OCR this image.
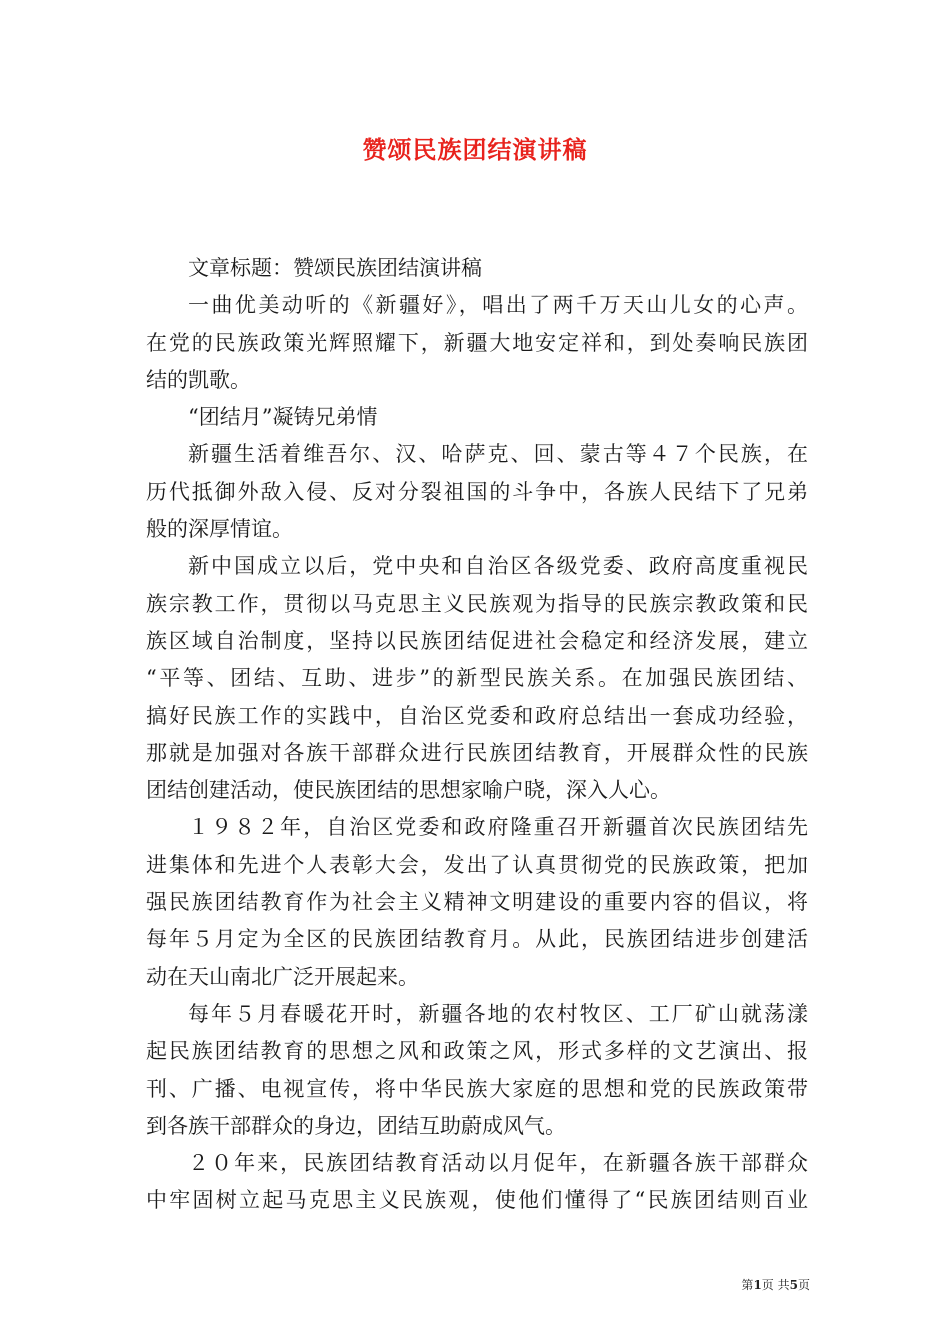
赞颂民族团结演讲稿
文章标题：赞颂民族团结演讲稿
一曲优美动听的《新疆好》，唱出了两千万天山儿女的心声。
在党的民族政策光辉照耀下，新疆大地安定祥和，到处奏响民族团
结的凯歌。
“团结月”凝铸兄弟情
新疆生活着维吾尔、汉、哈萨克、回、蒙古等４７个民族，在
历代抵御外敌入侵、反对分裂祖国的斗争中，各族人民结下了兄弟
般的深厚情谊。
新中国成立以后，党中央和自治区各级党委、政府高度重视民
族宗教工作，贯彻以马克思主义民族观为指导的民族宗教政策和民
族区域自治制度，坚持以民族团结促进社会稳定和经济发展，建立
“平等、团结、互助、进步”的新型民族关系。在加强民族团结、
搞好民族工作的实践中，自治区党委和政府总结出一套成功经验，
那就是加强对各族干部群众进行民族团结教育，开展群众性的民族
团结创建活动，使民族团结的思想家喻户晓，深入人心。
１９８２年，自治区党委和政府隆重召开新疆首次民族团结先
进集体和先进个人表彰大会，发出了认真贯彻党的民族政策，把加
强民族团结教育作为社会主义精神文明建设的重要内容的倡议，将
每年５月定为全区的民族团结教育月。从此，民族团结进步创建活
动在天山南北广泛开展起来。
每年５月春暖花开时，新疆各地的农村牧区、工厂矿山就荡漾
起民族团结教育的思想之风和政策之风，形式多样的文艺演出、报
刊、广播、电视宣传，将中华民族大家庭的思想和党的民族政策带
到各族干部群众的身边，团结互助蔚成风气。
２０年来，民族团结教育活动以月促年，在新疆各族干部群众
中牢固树立起马克思主义民族观，使他们懂得了“民族团结则百业
第1页 共5页
